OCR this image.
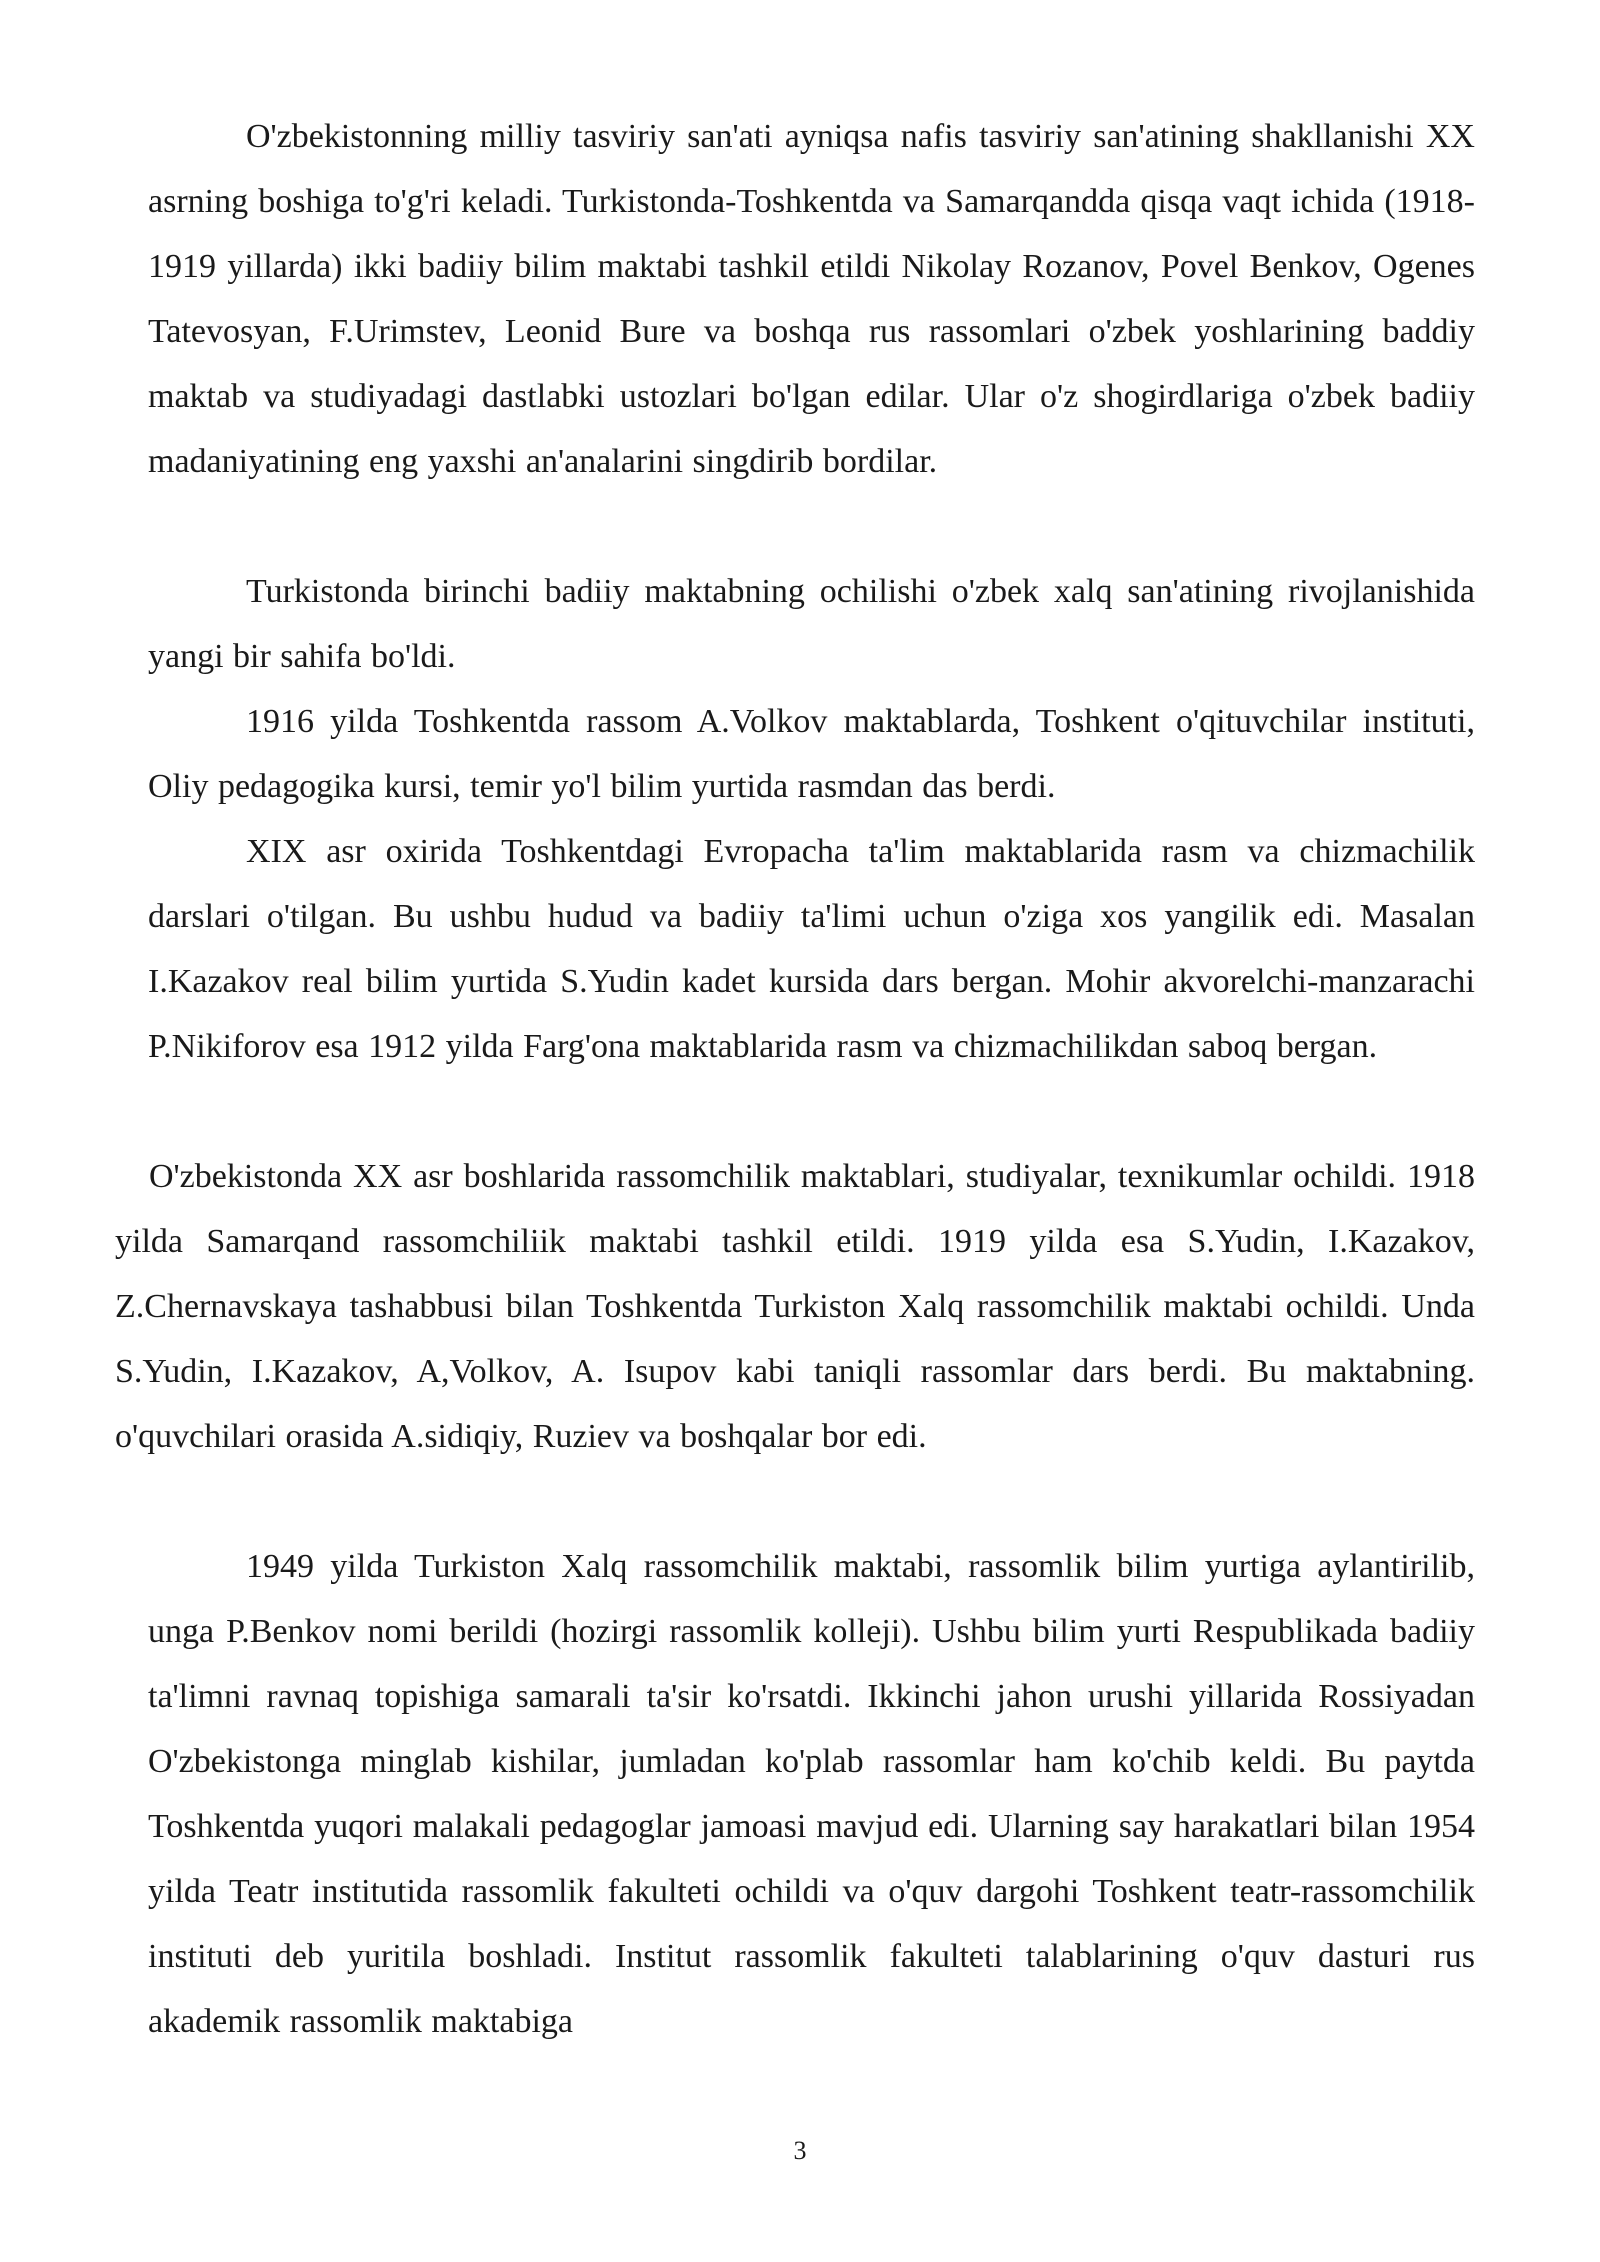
O'zbekistonning milliy tasviriy san'ati ayniqsa nafis tasviriy san'atining shakllanishi XX asrning boshiga to'g'ri keladi. Turkistonda-Toshkentda va Samarqandda qisqa vaqt ichida (1918-1919 yillarda) ikki badiiy bilim maktabi tashkil etildi Nikolay Rozanov, Povel Benkov, Ogenes Tatevosyan, F.Urimstev, Leonid Bure va boshqa rus rassomlari o'zbek yoshlarining baddiy maktab va studiyadagi dastlabki ustozlari bo'lgan edilar. Ular o'z shogirdlariga o'zbek badiiy madaniyatining eng yaxshi an'analarini singdirib bordilar.

Turkistonda birinchi badiiy maktabning ochilishi o'zbek xalq san'atining rivojlanishida yangi bir sahifa bo'ldi.

1916 yilda Toshkentda rassom A.Volkov maktablarda, Toshkent o'qituvchilar instituti, Oliy pedagogika kursi, temir yo'l bilim yurtida rasmdan das berdi.

XIX asr oxirida Toshkentdagi Evropacha ta'lim maktablarida rasm va chizmachilik darslari o'tilgan. Bu ushbu hudud va badiiy ta'limi uchun o'ziga xos yangilik edi. Masalan I.Kazakov real bilim yurtida S.Yudin kadet kursida dars bergan. Mohir akvorelchi-manzarachi P.Nikiforov esa 1912 yilda Farg'ona maktablarida rasm va chizmachilikdan saboq bergan.

O'zbekistonda XX asr boshlarida rassomchilik maktablari, studiyalar, texnikumlar ochildi. 1918 yilda Samarqand rassomchiliik maktabi tashkil etildi. 1919 yilda esa S.Yudin, I.Kazakov, Z.Chernavskaya tashabbusi bilan Toshkentda Turkiston Xalq rassomchilik maktabi ochildi. Unda S.Yudin, I.Kazakov, A,Volkov, A. Isupov kabi taniqli rassomlar dars berdi. Bu maktabning. o'quvchilari orasida A.sidiqiy, Ruziev va boshqalar bor edi.

1949 yilda Turkiston Xalq rassomchilik maktabi, rassomlik bilim yurtiga aylantirilib, unga P.Benkov nomi berildi (hozirgi rassomlik kolleji). Ushbu bilim yurti Respublikada badiiy ta'limni ravnaq topishiga samarali ta'sir ko'rsatdi. Ikkinchi jahon urushi yillarida Rossiyadan O'zbekistonga minglab kishilar, jumladan ko'plab rassomlar ham ko'chib keldi. Bu paytda Toshkentda yuqori malakali pedagoglar jamoasi mavjud edi. Ularning say harakatlari bilan 1954 yilda Teatr institutida rassomlik fakulteti ochildi va o'quv dargohi Toshkent teatr-rassomchilik instituti deb yuritila boshladi. Institut rassomlik fakulteti talablarining o'quv dasturi rus akademik rassomlik maktabiga

3
